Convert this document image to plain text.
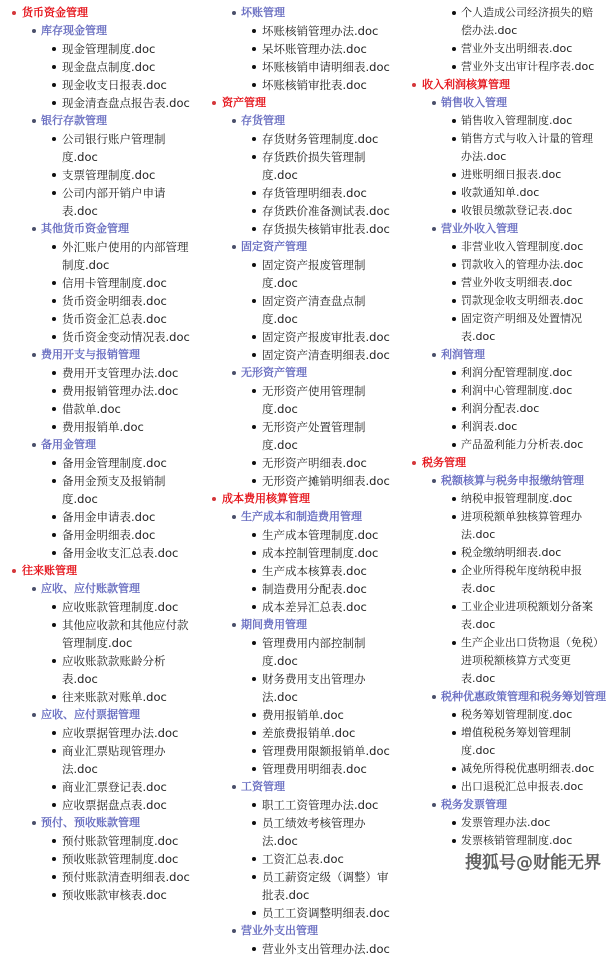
货币资金管理
库存现金管理
现金管理制度.doc
现金盘点制度.doc
现金收支日报表.doc
现金清查盘点报告表.doc
银行存款管理
公司银行账户管理制度.doc
支票管理制度.doc
公司内部开销户申请表.doc
其他货币资金管理
外汇账户使用的内部管理制度.doc
信用卡管理制度.doc
货币资金明细表.doc
货币资金汇总表.doc
货币资金变动情况表.doc
费用开支与报销管理
费用开支管理办法.doc
费用报销管理办法.doc
借款单.doc
费用报销单.doc
备用金管理
备用金管理制度.doc
备用金预支及报销制度.doc
备用金申请表.doc
备用金明细表.doc
备用金收支汇总表.doc
往来账管理
应收、应付账款管理
应收账款管理制度.doc
其他应收款和其他应付款管理制度.doc
应收账款款账龄分析表.doc
往来账款对账单.doc
应收、应付票据管理
应收票据管理办法.doc
商业汇票贴现管理办法.doc
商业汇票登记表.doc
应收票据盘点表.doc
预付、预收账款管理
预付账款管理制度.doc
预收账款管理制度.doc
预付账款清查明细表.doc
预收账款审核表.doc
坏账管理
坏账核销管理办法.doc
呆坏账管理办法.doc
坏账核销申请明细表.doc
坏账核销审批表.doc
资产管理
存货管理
存货财务管理制度.doc
存货跌价损失管理制度.doc
存货管理明细表.doc
存货跌价准备测试表.doc
存货损失核销审批表.doc
固定资产管理
固定资产报废管理制度.doc
固定资产清查盘点制度.doc
固定资产报废审批表.doc
固定资产清查明细表.doc
无形资产管理
无形资产使用管理制度.doc
无形资产处置管理制度.doc
无形资产明细表.doc
无形资产摊销明细表.doc
成本费用核算管理
生产成本和制造费用管理
生产成本管理制度.doc
成本控制管理制度.doc
生产成本核算表.doc
制造费用分配表.doc
成本差异汇总表.doc
期间费用管理
管理费用内部控制制度.doc
财务费用支出管理办法.doc
费用报销单.doc
差旅费报销单.doc
管理费用限额报销单.doc
管理费用明细表.doc
工资管理
职工工资管理办法.doc
员工绩效考核管理办法.doc
工资汇总表.doc
员工薪资定级（调整）审批表.doc
员工工资调整明细表.doc
营业外支出管理
营业外支出管理办法.doc
个人造成公司经济损失的赔偿办法.doc
营业外支出明细表.doc
营业外支出审计程序表.doc
收入利润核算管理
销售收入管理
销售收入管理制度.doc
销售方式与收入计量的管理办法.doc
进账明细日报表.doc
收款通知单.doc
收银员缴款登记表.doc
营业外收入管理
非营业收入管理制度.doc
罚款收入的管理办法.doc
营业外收支明细表.doc
罚款现金收支明细表.doc
固定资产明细及处置情况表.doc
利润管理
利润分配管理制度.doc
利润中心管理制度.doc
利润分配表.doc
利润表.doc
产品盈利能力分析表.doc
税务管理
税额核算与税务申报缴纳管理
纳税申报管理制度.doc
进项税额单独核算管理办法.doc
税金缴纳明细表.doc
企业所得税年度纳税申报表.doc
工业企业进项税额划分备案表.doc
生产企业出口货物退（免税）进项税额核算方式变更表.doc
税种优惠政策管理和税务筹划管理
税务筹划管理制度.doc
增值税税务筹划管理制度.doc
减免所得税优惠明细表.doc
出口退税汇总申报表.doc
税务发票管理
发票管理办法.doc
发票核销管理制度.doc
搜狐号@财能无界
